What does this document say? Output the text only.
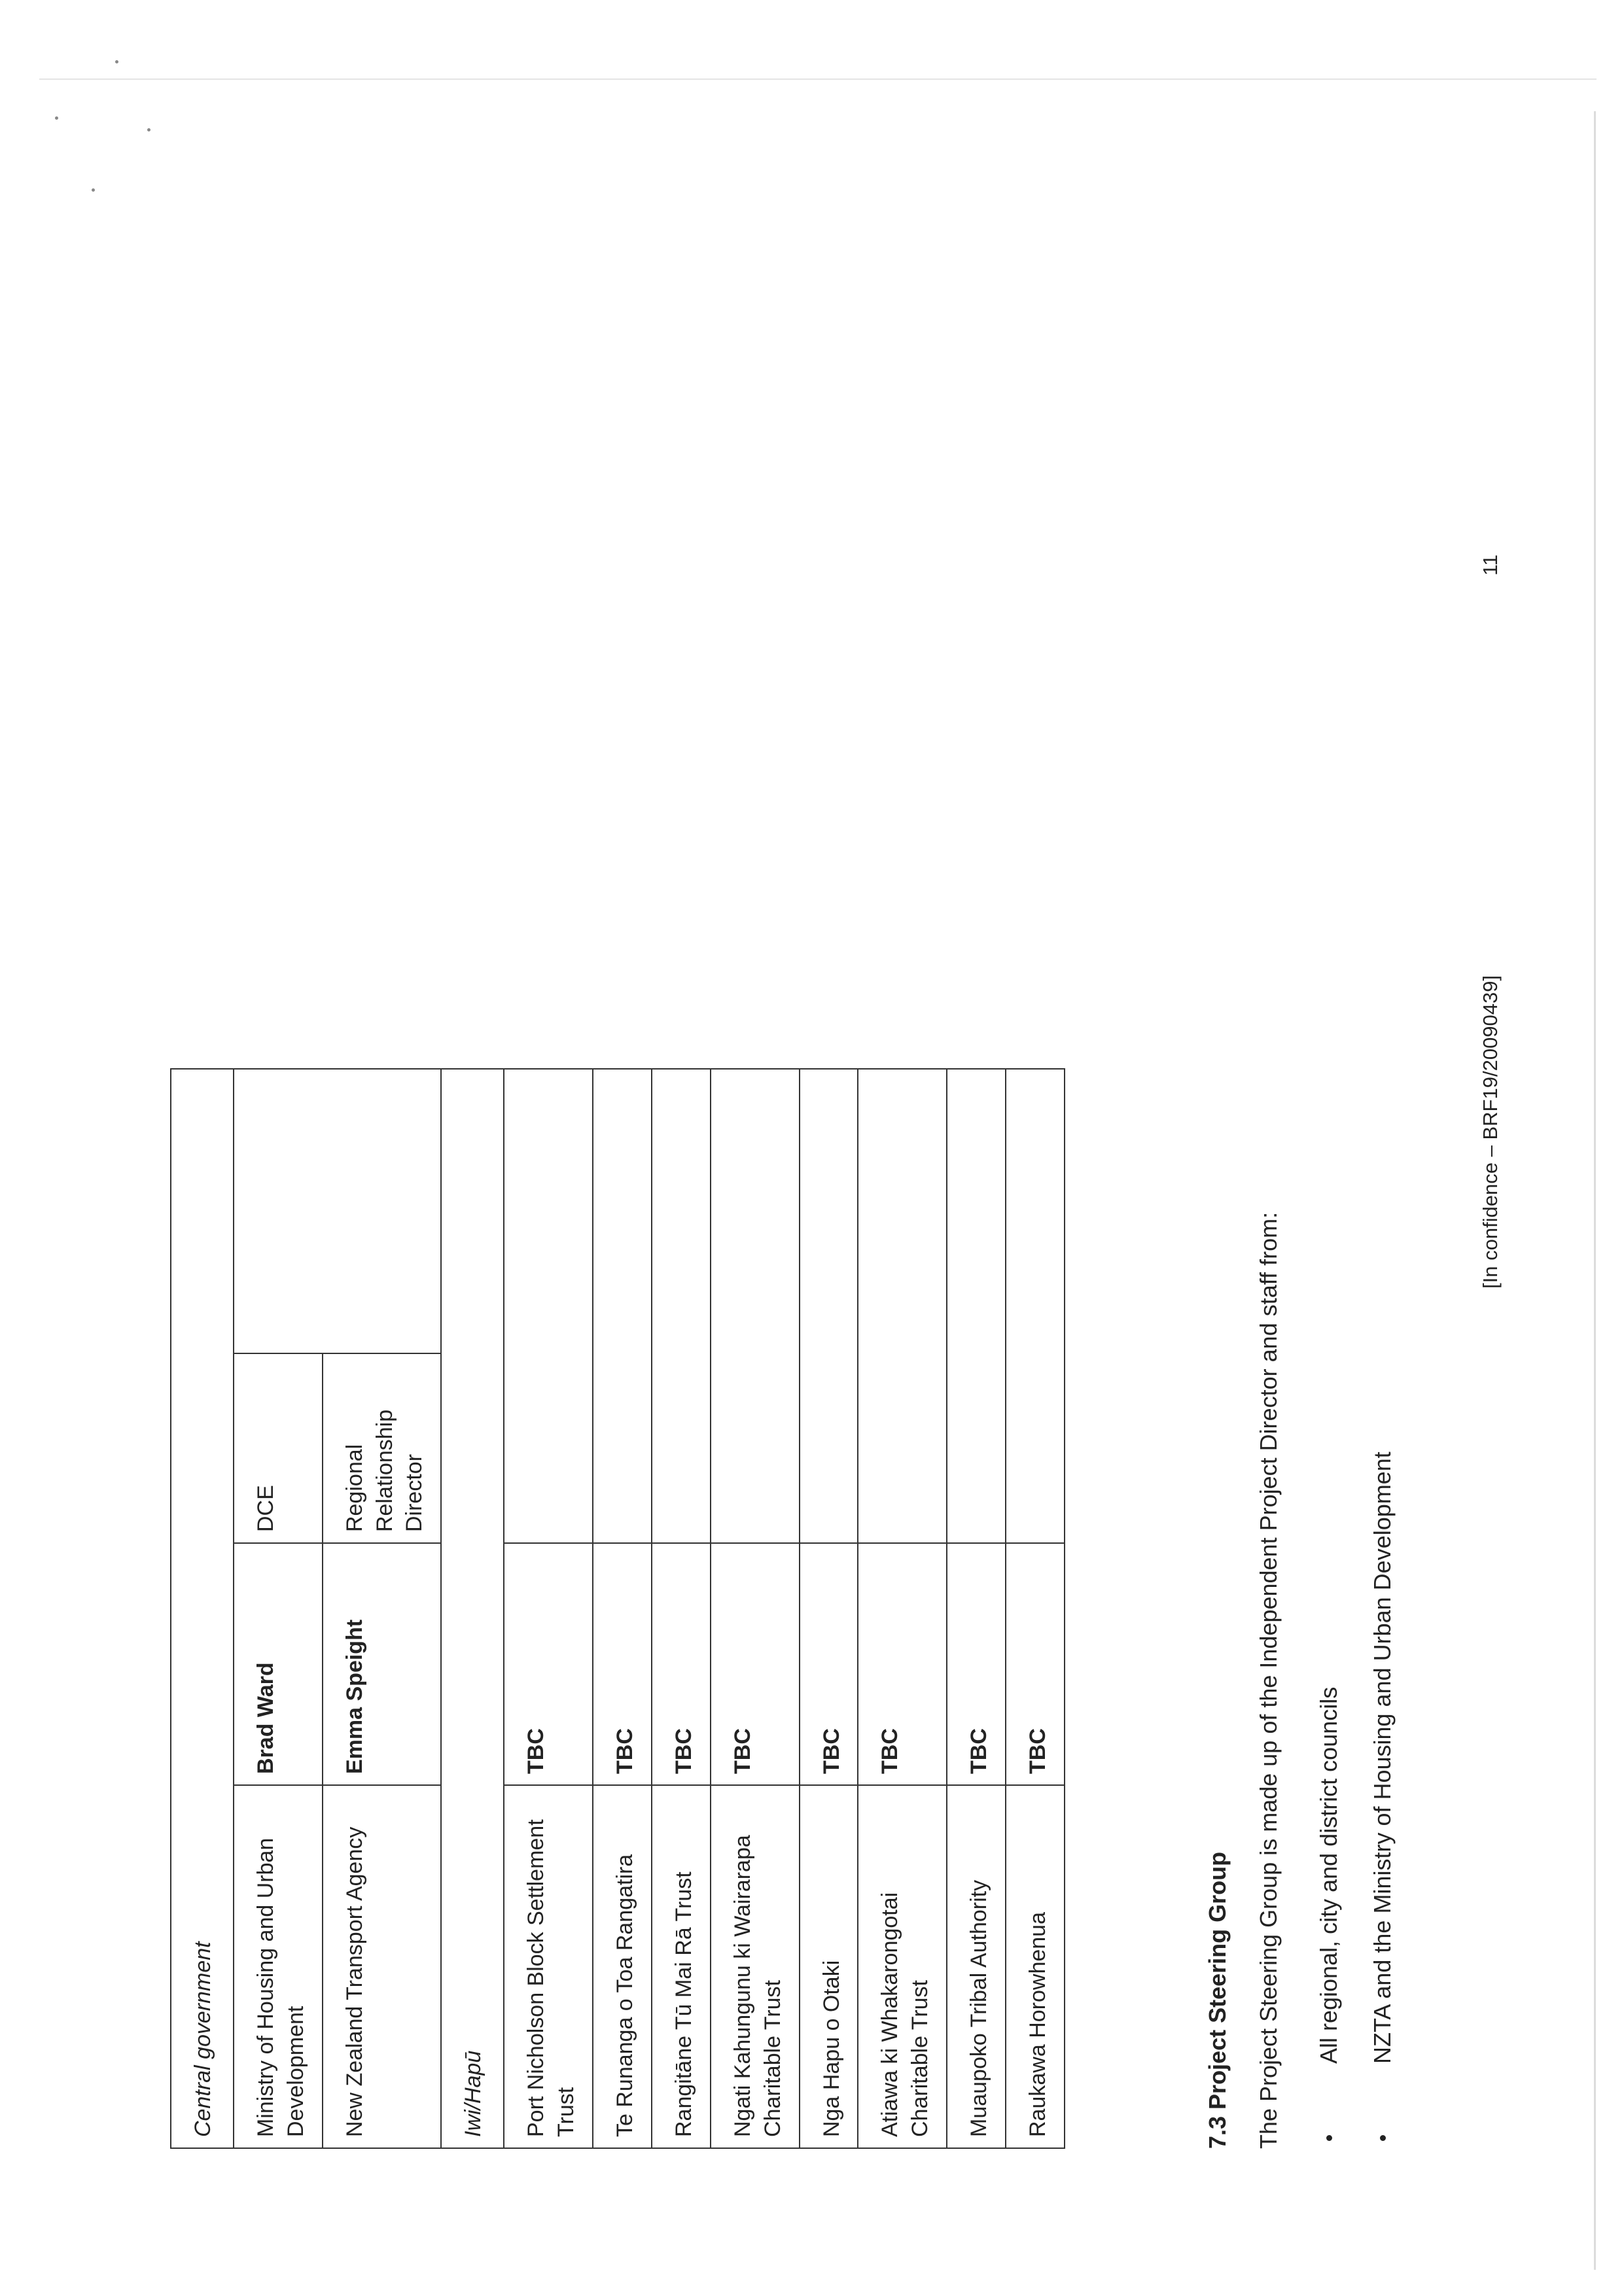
Central government			
Ministry of Housing and Urban Development	Brad Ward	DCE	
New Zealand Transport Agency	Emma Speight	Regional Relationship Director	
Iwi/Hapū			
Port Nicholson Block Settlement Trust	TBC		
Te Runanga o Toa Rangatira	TBC		
Rangitāne Tū Mai Rā Trust	TBC		
Ngati Kahungunu ki Wairarapa Charitable Trust	TBC		
Nga Hapu o Otaki	TBC		
Atiawa ki Whakarongotai Charitable Trust	TBC		
Muaupoko Tribal Authority	TBC		
Raukawa Horowhenua	TBC		
7.3 Project Steering Group The Project Steering Group is made up of the Independent Project Director and staff from:	All regional, city and district councils	NZTA and the Ministry of Housing and Urban Development
[In confidence – BRF19/20090439]
11
